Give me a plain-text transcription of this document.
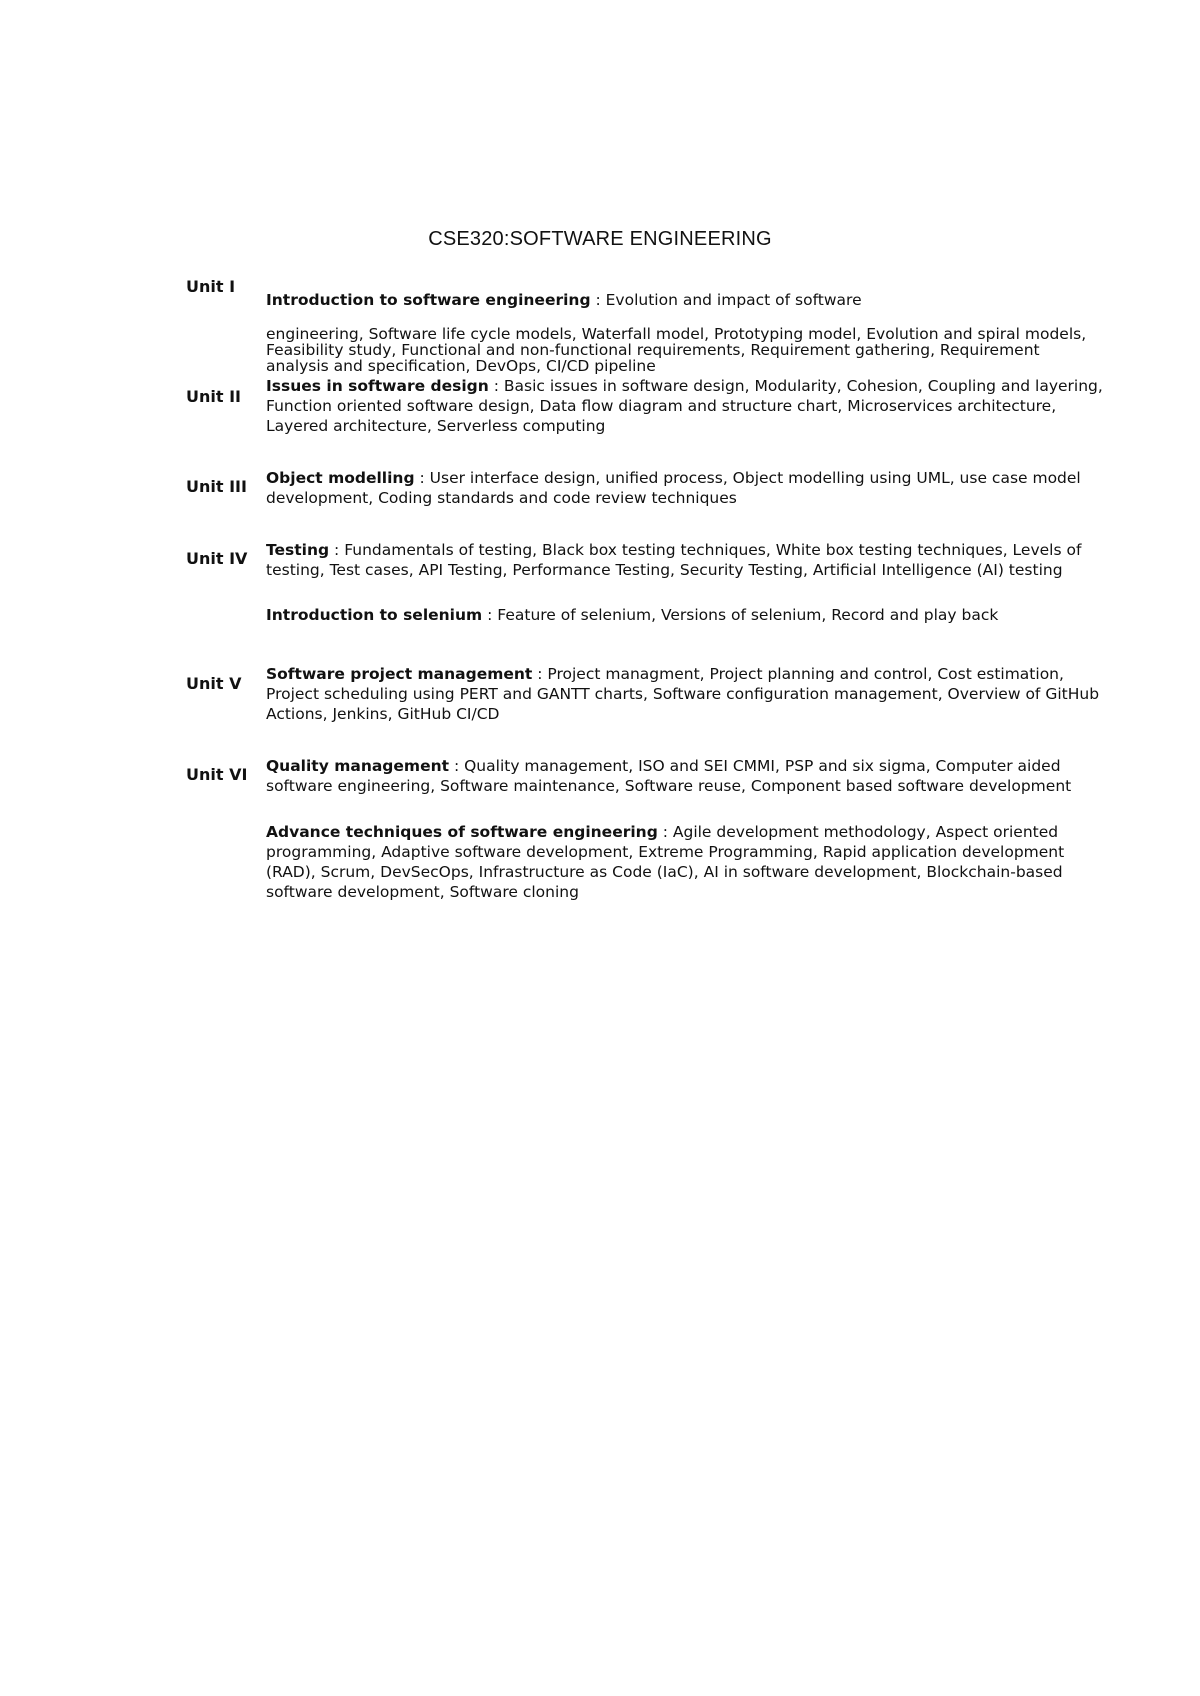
CSE320:SOFTWARE ENGINEERING
Unit I
Introduction to software engineering : Evolution and impact of software
engineering, Software life cycle models, Waterfall model, Prototyping model, Evolution and spiral models, Feasibility study, Functional and non-functional requirements, Requirement gathering, Requirement analysis and specification, DevOps, CI/CD pipeline
Unit II
Issues in software design : Basic issues in software design, Modularity, Cohesion, Coupling and layering, Function oriented software design, Data flow diagram and structure chart, Microservices architecture, Layered architecture, Serverless computing
Unit III Object modelling : User interface design, unified process, Object modelling using UML, use case model development, Coding standards and code review techniques
Unit IV Testing : Fundamentals of testing, Black box testing techniques, White box testing techniques, Levels of testing, Test cases, API Testing, Performance Testing, Security Testing, Artificial Intelligence (AI) testing
Introduction to selenium : Feature of selenium, Versions of selenium, Record and play back
Unit V Software project management : Project managment, Project planning and control, Cost estimation, Project scheduling using PERT and GANTT charts, Software configuration management, Overview of GitHub Actions, Jenkins, GitHub CI/CD
Unit VI Quality management : Quality management, ISO and SEI CMMI, PSP and six sigma, Computer aided software engineering, Software maintenance, Software reuse, Component based software development
Advance techniques of software engineering : Agile development methodology, Aspect oriented programming, Adaptive software development, Extreme Programming, Rapid application development (RAD), Scrum, DevSecOps, Infrastructure as Code (IaC), AI in software development, Blockchain-based software development, Software cloning
